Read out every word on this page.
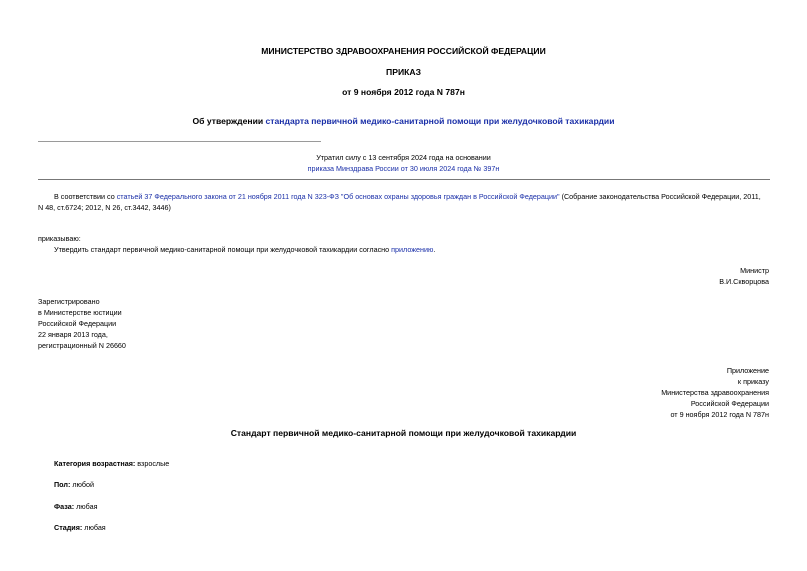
МИНИСТЕРСТВО ЗДРАВООХРАНЕНИЯ РОССИЙСКОЙ ФЕДЕРАЦИИ
ПРИКАЗ
от 9 ноября 2012 года N 787н
Об утверждении стандарта первичной медико-санитарной помощи при желудочковой тахикардии
Утратил силу с 13 сентября 2024 года на основании
приказа Минздрава России от 30 июля 2024 года № 397н
В соответствии со статьей 37 Федерального закона от 21 ноября 2011 года N 323-ФЗ "Об основах охраны здоровья граждан в Российской Федерации" (Собрание законодательства Российской Федерации, 2011,
N 48, ст.6724; 2012, N 26, ст.3442, 3446)
приказываю:
Утвердить стандарт первичной медико-санитарной помощи при желудочковой тахикардии согласно приложению.
Министр
В.И.Скворцова
Зарегистрировано
в Министерстве юстиции
Российской Федерации
22 января 2013 года,
регистрационный N 26660
Приложение
к приказу
Министерства здравоохранения
Российской Федерации
от 9 ноября 2012 года N 787н
Стандарт первичной медико-санитарной помощи при желудочковой тахикардии
Категория возрастная: взрослые
Пол: любой
Фаза: любая
Стадия: любая
